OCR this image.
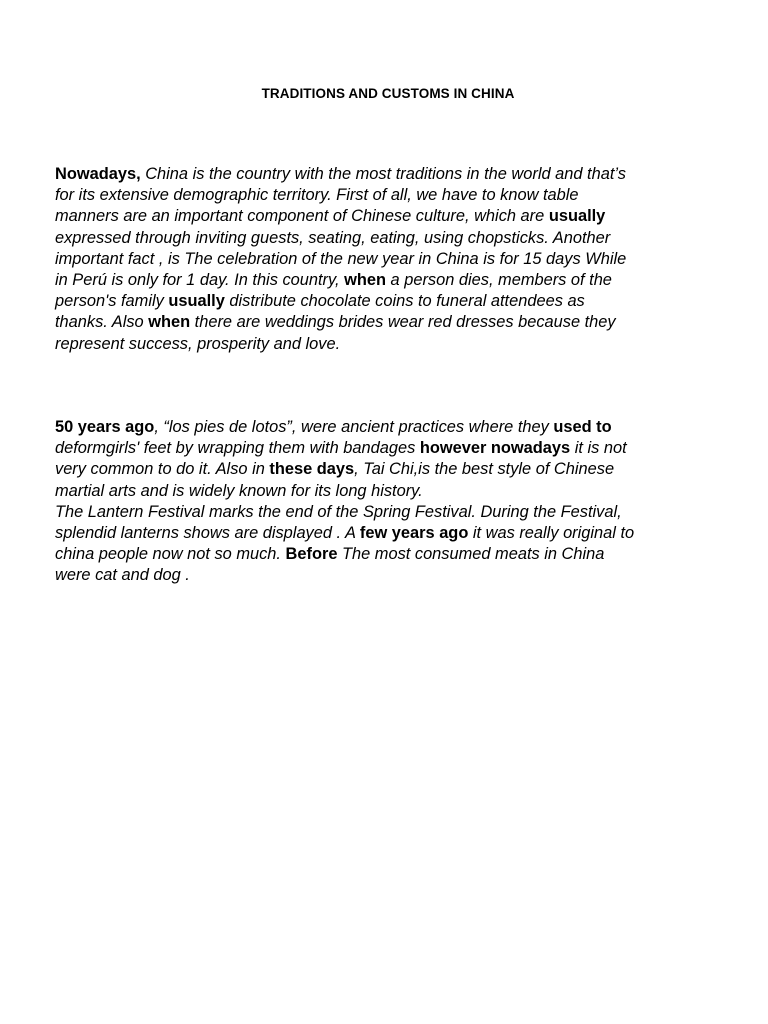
TRADITIONS AND CUSTOMS IN CHINA
Nowadays, China is the country with the most traditions in the world and that’s
for its extensive demographic territory. First of all, we have to know table
manners are an important component of Chinese culture, which are usually
expressed through inviting guests, seating, eating, using chopsticks. Another
important fact , is The celebration of the new year in China is for 15 days While
in Perú is only for 1 day. In this country, when a person dies, members of the
person's family usually distribute chocolate coins to funeral attendees as
thanks. Also when there are weddings brides wear red dresses because they
represent success, prosperity and love.
50 years ago, “los pies de lotos”, were ancient practices where they used to
deformgirls' feet by wrapping them with bandages however nowadays it is not
very common to do it. Also in these days, Tai Chi,is the best style of Chinese
martial arts and is widely known for its long history.
The Lantern Festival marks the end of the Spring Festival. During the Festival,
splendid lanterns shows are displayed . A few years ago it was really original to
china people now not so much. Before The most consumed meats in China
were cat and dog .
